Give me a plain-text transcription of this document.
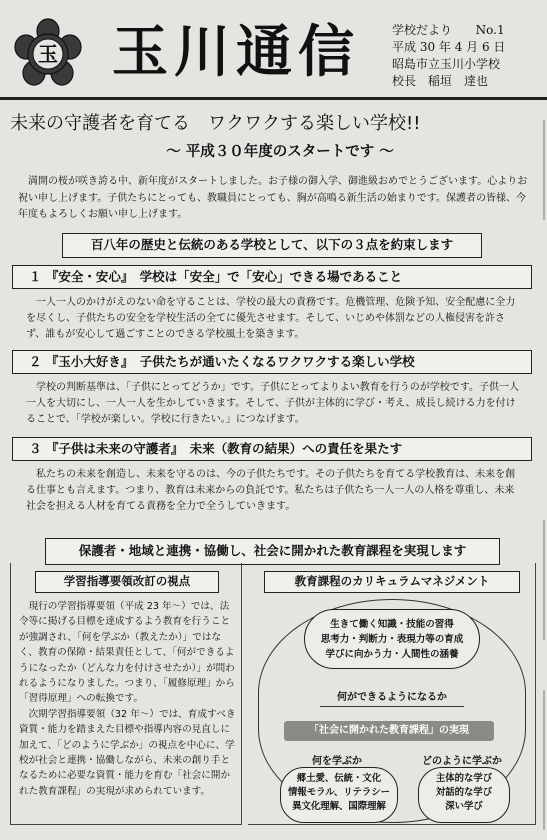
玉 玉川通信	学校だより No.1
平成 30 年 4 月 6 日
昭島市立玉川小学校
校長　稲垣　達也
未来の守護者を育てる　ワクワクする楽しい学校!!
～ 平成３０年度のスタートです ～
満開の桜が咲き誇る中、新年度がスタートしました。お子様の御入学、御進級おめでとうございます。心よりお祝い申し上げます。子供たちにとっても、教職員にとっても、胸が高鳴る新生活の始まりです。保護者の皆様、今年度もよろしくお願い申し上げます。
百八年の歴史と伝統のある学校として、以下の３点を約束します
１ 『安全・安心』　学校は「安全」で「安心」できる場であること
一人一人のかけがえのない命を守ることは、学校の最大の責務です。危機管理、危険予知、安全配慮に全力を尽くし、子供たちの安全を学校生活の全てに優先させます。そして、いじめや体罰などの人権侵害を許さず、誰もが安心して過ごすことのできる学校風土を築きます。
２ 『玉小大好き』　子供たちが通いたくなるワクワクする楽しい学校
学校の判断基準は、「子供にとってどうか」です。子供にとってよりよい教育を行うのが学校です。子供一人一人を大切にし、一人一人を生かしていきます。そして、子供が主体的に学び・考え、成長し続ける力を付けることで、「学校が楽しい。学校に行きたい。」につなげます。
３ 『子供は未来の守護者』　未来（教育の結果）への責任を果たす
私たちの未来を創造し、未来を守るのは、今の子供たちです。その子供たちを育てる学校教育は、未来を創る仕事とも言えます。つまり、教育は未来からの負託です。私たちは子供たち一人一人の人格を尊重し、未来社会を担える人材を育てる責務を全力で全うしていきます。
保護者・地域と連携・協働し、社会に開かれた教育課程を実現します
学習指導要領改訂の視点

現行の学習指導要領（平成 23 年～）では、法令等に掲げる目標を達成するよう教育を行うことが強調され、「何を学ぶか（教えたか）」ではなく、教育の保障・結果責任として、「何ができるようになったか（どんな力を付けさせたか）」が問われるようになりました。つまり、「履修原理」から「習得原理」への転換です。

次期学習指導要領（32 年～）では、育成すべき資質・能力を踏まえた目標や指導内容の見直しに加えて、「どのように学ぶか」の視点を中心に、学校が社会と連携・協働しながら、未来の創り手となるために必要な資質・能力を育む「社会に開かれた教育課程」の実現が求められています。

教育課程のカリキュラムマネジメント
生きて働く知識・技能の習得
思考力・判断力・表現力等の育成
学びに向かう力・人間性の涵養
何ができるようになるか
「社会に開かれた教育課程」の実現
何を学ぶか	どのように学ぶか
郷土愛、伝統・文化
情報モラル、リテラシー
異文化理解、国際理解
主体的な学び
対話的な学び
深い学び
